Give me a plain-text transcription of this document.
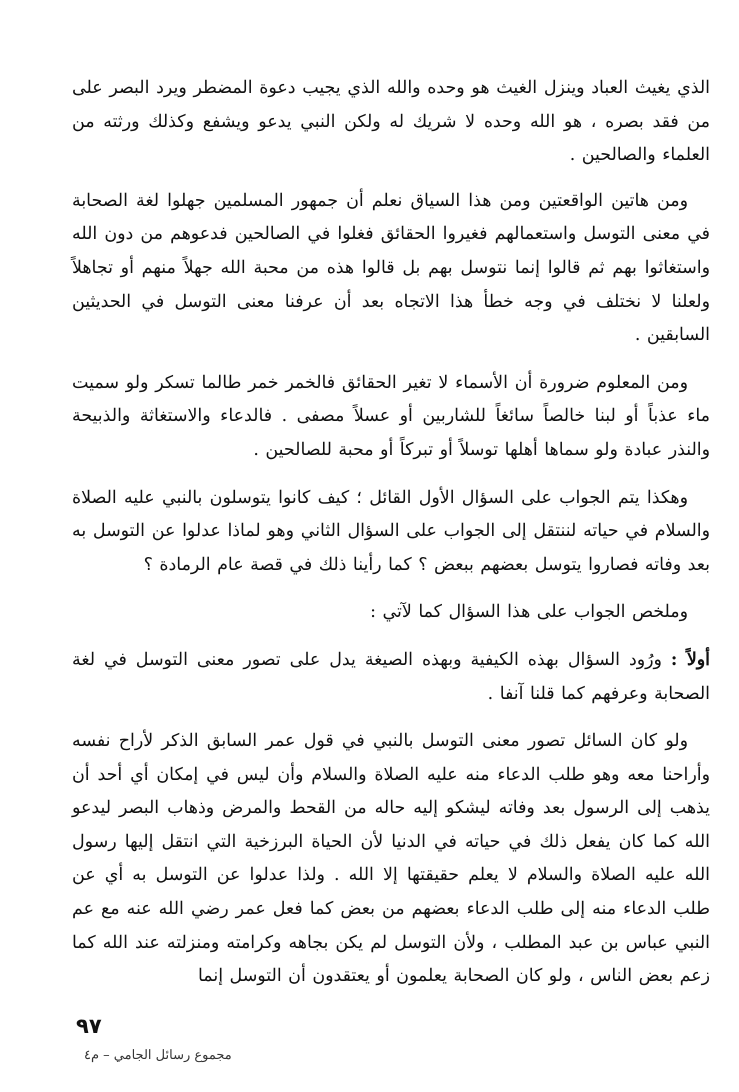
الذي يغيث العباد وينزل الغيث هو وحده والله الذي يجيب دعوة المضطر ويرد البصر على من فقد بصره ، هو الله وحده لا شريك له ولكن النبي يدعو ويشفع وكذلك ورثته من العلماء والصالحين .

ومن هاتين الواقعتين ومن هذا السياق نعلم أن جمهور المسلمين جهلوا لغة الصحابة في معنى التوسل واستعمالهم فغيروا الحقائق فغلوا في الصالحين فدعوهم من دون الله واستغاثوا بهم ثم قالوا إنما نتوسل بهم بل قالوا هذه من محبة الله جهلاً منهم أو تجاهلاً ولعلنا لا نختلف في وجه خطأ هذا الاتجاه بعد أن عرفنا معنى التوسل في الحديثين السابقين .

ومن المعلوم ضرورة أن الأسماء لا تغير الحقائق فالخمر خمر طالما تسكر ولو سميت ماء عذباً أو لبنا خالصاً سائغاً للشاربين أو عسلاً مصفى . فالدعاء والاستغاثة والذبيحة والنذر عبادة ولو سماها أهلها توسلاً أو تبركاً أو محبة للصالحين .

وهكذا يتم الجواب على السؤال الأول القائل ؛ كيف كانوا يتوسلون بالنبي عليه الصلاة والسلام في حياته لننتقل إلى الجواب على السؤال الثاني وهو لماذا عدلوا عن التوسل به بعد وفاته فصاروا يتوسل بعضهم ببعض ؟ كما رأينا ذلك في قصة عام الرمادة ؟

وملخص الجواب على هذا السؤال كما لآتي :

أولاً : ورُود السؤال بهذه الكيفية وبهذه الصيغة يدل على تصور معنى التوسل في لغة الصحابة وعرفهم كما قلنا آنفا .

ولو كان السائل تصور معنى التوسل بالنبي في قول عمر السابق الذكر لأراح نفسه وأراحنا معه وهو طلب الدعاء منه عليه الصلاة والسلام وأن ليس في إمكان أي أحد أن يذهب إلى الرسول بعد وفاته ليشكو إليه حاله من القحط والمرض وذهاب البصر ليدعو الله كما كان يفعل ذلك في حياته في الدنيا لأن الحياة البرزخية التي انتقل إليها رسول الله عليه الصلاة والسلام لا يعلم حقيقتها إلا الله . ولذا عدلوا عن التوسل به أي عن طلب الدعاء منه إلى طلب الدعاء بعضهم من بعض كما فعل عمر رضي الله عنه مع عم النبي عباس بن عبد المطلب ، ولأن التوسل لم يكن بجاهه وكرامته ومنزلته عند الله كما زعم بعض الناس ، ولو كان الصحابة يعلمون أو يعتقدون أن التوسل إنما

٩٧
مجموع رسائل الجامي – م٤
